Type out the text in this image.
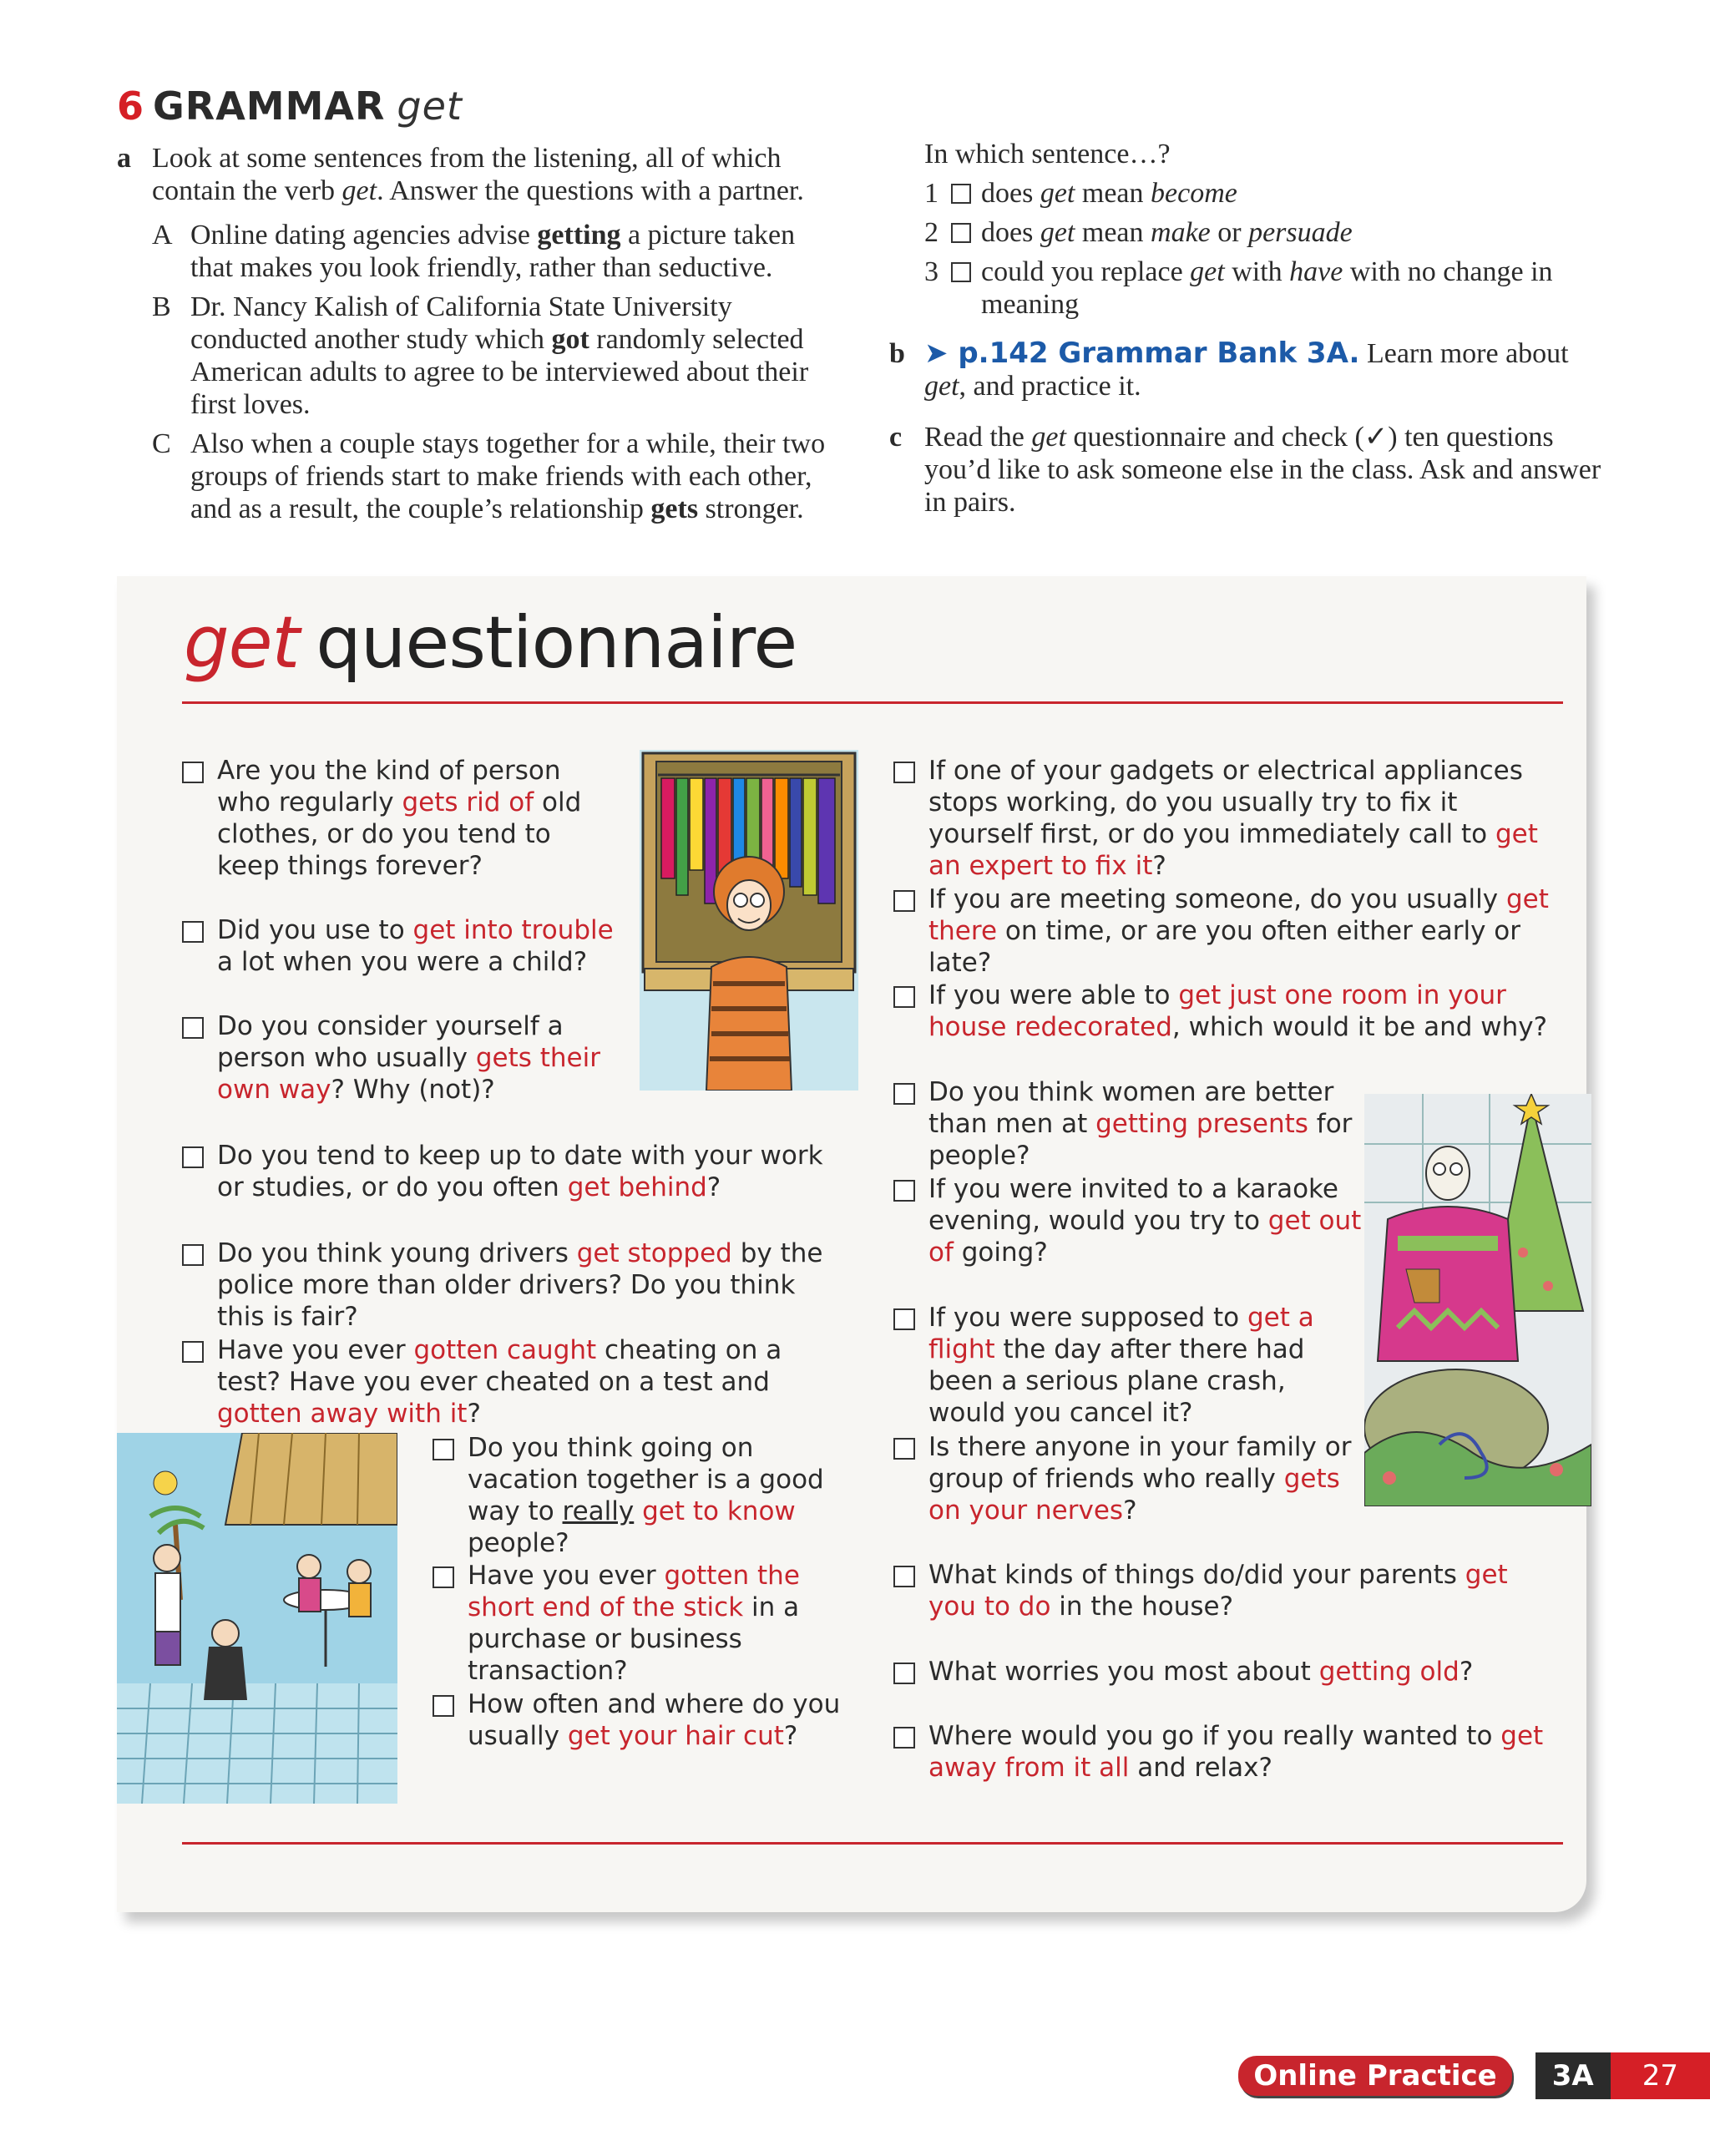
6 GRAMMAR get
a Look at some sentences from the listening, all of which contain the verb get. Answer the questions with a partner.
A Online dating agencies advise getting a picture taken that makes you look friendly, rather than seductive.
B Dr. Nancy Kalish of California State University conducted another study which got randomly selected American adults to agree to be interviewed about their first loves.
C Also when a couple stays together for a while, their two groups of friends start to make friends with each other, and as a result, the couple’s relationship gets stronger.
In which sentence…?
1 does get mean become
2 does get mean make or persuade
3 could you replace get with have with no change in meaning
b ➤ p.142 Grammar Bank 3A. Learn more about get, and practice it.
c Read the get questionnaire and check (✓) ten questions you’d like to ask someone else in the class. Ask and answer in pairs.
get questionnaire
Are you the kind of person who regularly gets rid of old clothes, or do you tend to keep things forever?
Did you use to get into trouble a lot when you were a child?
Do you consider yourself a person who usually gets their own way? Why (not)?
Do you tend to keep up to date with your work or studies, or do you often get behind?
Do you think young drivers get stopped by the police more than older drivers? Do you think this is fair?
Have you ever gotten caught cheating on a test? Have you ever cheated on a test and gotten away with it?
Do you think going on vacation together is a good way to really get to know people?
Have you ever gotten the short end of the stick in a purchase or business transaction?
How often and where do you usually get your hair cut?
If one of your gadgets or electrical appliances stops working, do you usually try to fix it yourself first, or do you immediately call to get an expert to fix it?
If you are meeting someone, do you usually get there on time, or are you often either early or late?
If you were able to get just one room in your house redecorated, which would it be and why?
Do you think women are better than men at getting presents for people?
If you were invited to a karaoke evening, would you try to get out of going?
If you were supposed to get a flight the day after there had been a serious plane crash, would you cancel it?
Is there anyone in your family or group of friends who really gets on your nerves?
What kinds of things do/did your parents get you to do in the house?
What worries you most about getting old?
Where would you go if you really wanted to get away from it all and relax?
Online Practice	3A	27
